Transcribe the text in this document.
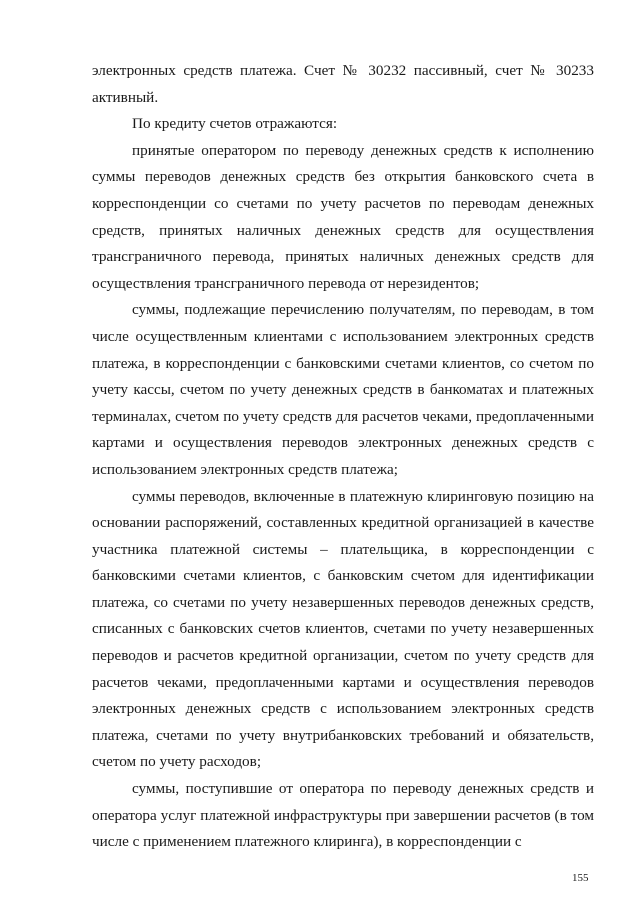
электронных средств платежа. Счет № 30232 пассивный, счет № 30233 активный.

По кредиту счетов отражаются:

принятые оператором по переводу денежных средств к исполнению суммы переводов денежных средств без открытия банковского счета в корреспонденции со счетами по учету расчетов по переводам денежных средств, принятых наличных денежных средств для осуществления трансграничного перевода, принятых наличных денежных средств для осуществления трансграничного перевода от нерезидентов;

суммы, подлежащие перечислению получателям, по переводам, в том числе осуществленным клиентами с использованием электронных средств платежа, в корреспонденции с банковскими счетами клиентов, со счетом по учету кассы, счетом по учету денежных средств в банкоматах и платежных терминалах, счетом по учету средств для расчетов чеками, предоплаченными картами и осуществления переводов электронных денежных средств с использованием электронных средств платежа;

суммы переводов, включенные в платежную клиринговую позицию на основании распоряжений, составленных кредитной организацией в качестве участника платежной системы – плательщика, в корреспонденции с банковскими счетами клиентов, с банковским счетом для идентификации платежа, со счетами по учету незавершенных переводов денежных средств, списанных с банковских счетов клиентов, счетами по учету незавершенных переводов и расчетов кредитной организации, счетом по учету средств для расчетов чеками, предоплаченными картами и осуществления переводов электронных денежных средств с использованием электронных средств платежа, счетами по учету внутрибанковских требований и обязательств, счетом по учету расходов;

суммы, поступившие от оператора по переводу денежных средств и оператора услуг платежной инфраструктуры при завершении расчетов (в том числе с применением платежного клиринга), в корреспонденции с

155
